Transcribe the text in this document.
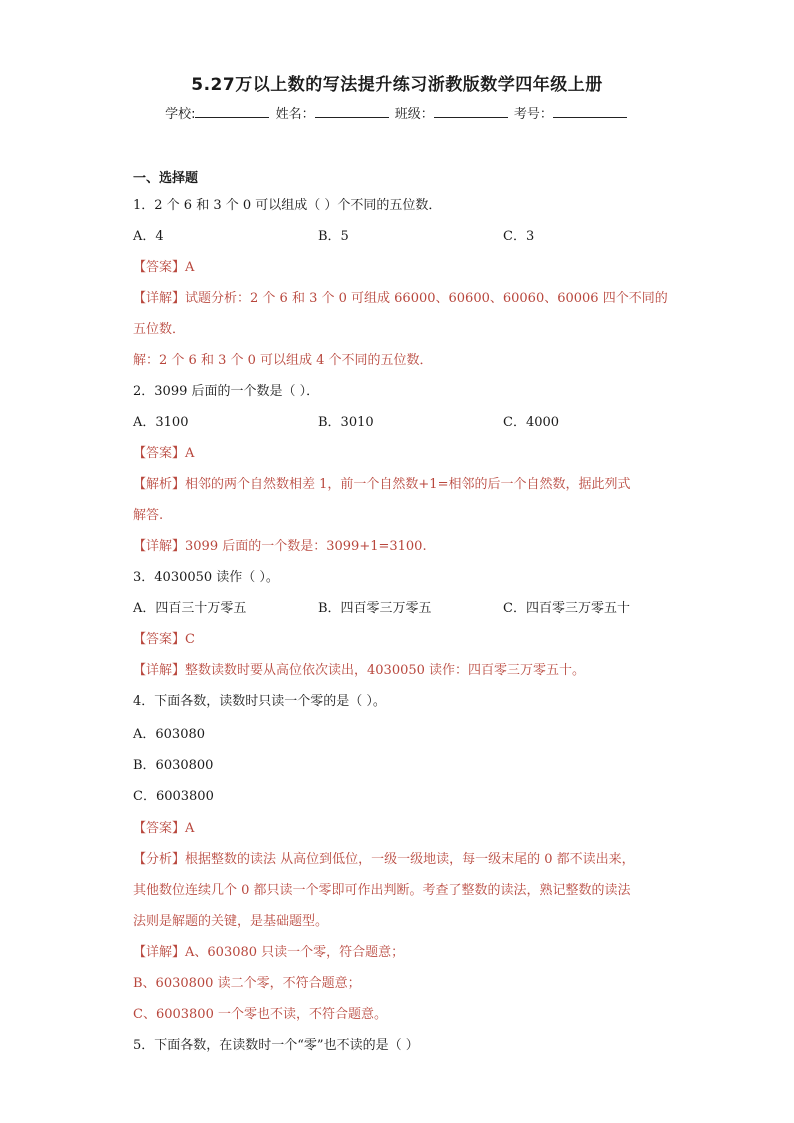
5.27万以上数的写法提升练习浙教版数学四年级上册
学校:	姓名：	班级：	考号：
一、选择题
1．2 个 6 和 3 个 0 可以组成（ ）个不同的五位数．
A．4	B．5	C．3
【答案】A
【详解】试题分析：2 个 6 和 3 个 0 可组成 66000、60600、60060、60006 四个不同的
五位数．
解：2 个 6 和 3 个 0 可以组成 4 个不同的五位数．
2．3099 后面的一个数是（ ）．
A．3100	B．3010	C．4000
【答案】A
【解析】相邻的两个自然数相差 1，前一个自然数+1=相邻的后一个自然数，据此列式
解答.
【详解】3099 后面的一个数是：3099+1=3100.
3．4030050 读作（ ）。
A．四百三十万零五	B．四百零三万零五	C．四百零三万零五十
【答案】C
【详解】整数读数时要从高位依次读出，4030050 读作：四百零三万零五十。
4．下面各数，读数时只读一个零的是（ ）。
A．603080
B．6030800
C．6003800
【答案】A
【分析】根据整数的读法 从高位到低位，一级一级地读，每一级末尾的 0 都不读出来，
其他数位连续几个 0 都只读一个零即可作出判断。考查了整数的读法，熟记整数的读法
法则是解题的关键，是基础题型。
【详解】A、603080 只读一个零，符合题意；
B、6030800 读二个零，不符合题意；
C、6003800 一个零也不读，不符合题意。
5．下面各数，在读数时一个“零”也不读的是（ ）
